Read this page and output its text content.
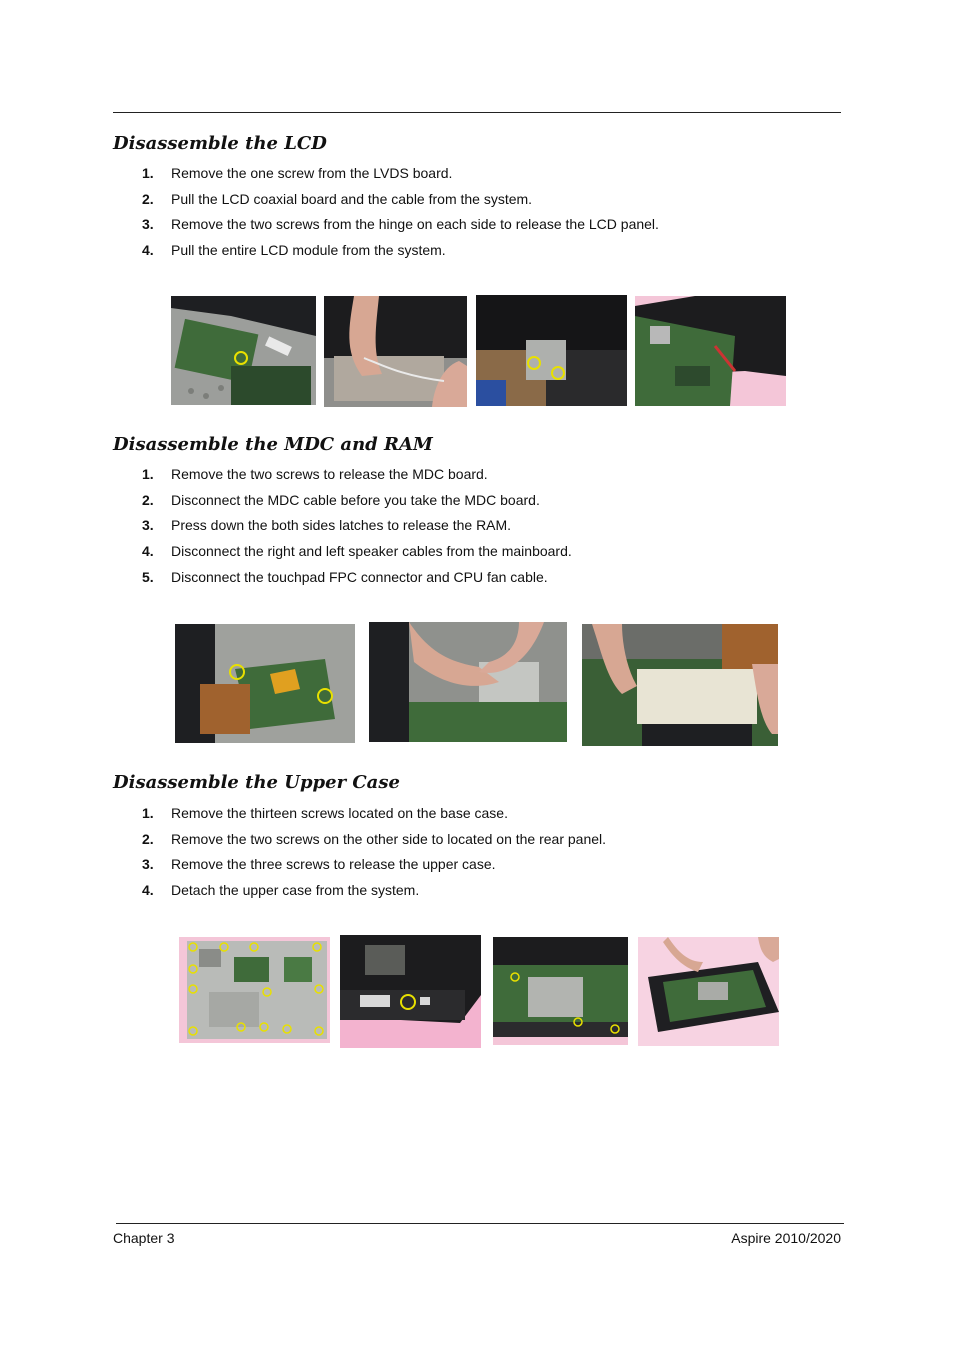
Disassemble the LCD
1. Remove the one screw from the LVDS board.
2. Pull the LCD coaxial board and the cable from the system.
3. Remove the two screws from the hinge on each side to release the LCD panel.
4. Pull the entire LCD module from the system.
Disassemble the MDC and RAM
1. Remove the two screws to release the MDC board.
2. Disconnect the MDC cable before you take the MDC board.
3. Press down the both sides latches to release the RAM.
4. Disconnect the right and left speaker cables from the mainboard.
5. Disconnect the touchpad FPC connector and CPU fan cable.
Disassemble the Upper Case
1. Remove the thirteen screws located on the base case.
2. Remove the two screws on the other side to located on the rear panel.
3. Remove the three screws to release the upper case.
4. Detach the upper case from the system.
Chapter 3	Aspire 2010/2020
